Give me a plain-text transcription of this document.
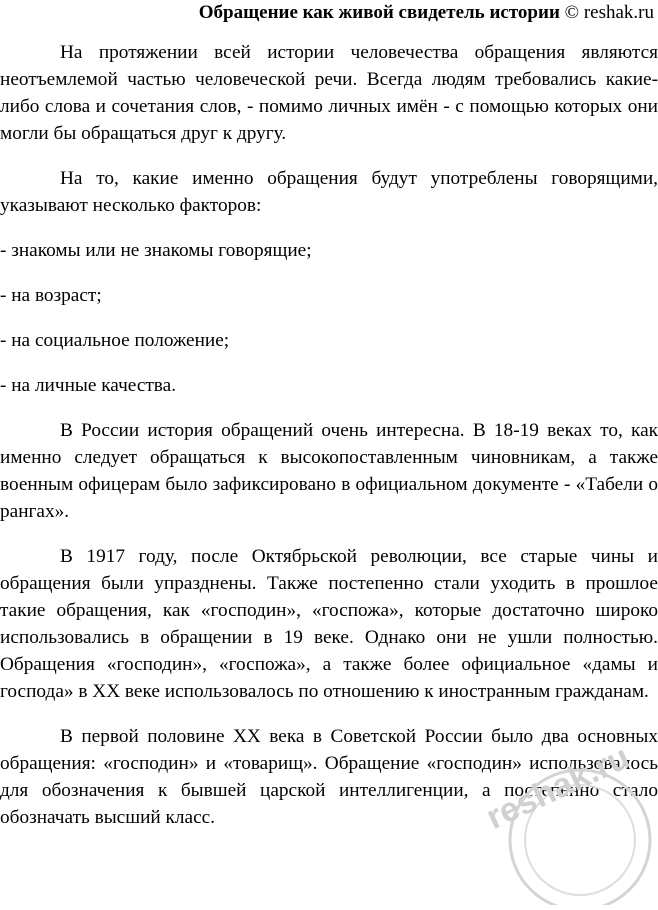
Обращение как живой свидетель истории © reshak.ru

На протяжении всей истории человечества обращения являются неотъемлемой частью человеческой речи. Всегда людям требовались какие-либо слова и сочетания слов, - помимо личных имён - с помощью которых они могли бы обращаться друг к другу.

На то, какие именно обращения будут употреблены говорящими, указывают несколько факторов:

- знакомы или не знакомы говорящие;

- на возраст;

- на социальное положение;

- на личные качества.

В России история обращений очень интересна. В 18-19 веках то, как именно следует обращаться к высокопоставленным чиновникам, а также военным офицерам было зафиксировано в официальном документе - «Табели о рангах».

В 1917 году, после Октябрьской революции, все старые чины и обращения были упразднены. Также постепенно стали уходить в прошлое такие обращения, как «господин», «госпожа», которые достаточно широко использовались в обращении в 19 веке. Однако они не ушли полностью. Обращения «господин», «госпожа», а также более официальное «дамы и господа» в XX веке использовалось по отношению к иностранным гражданам.

В первой половине XX века в Советской России было два основных обращения: «господин» и «товарищ». Обращение «господин» использовалось для обозначения к бывшей царской интеллигенции, а постепенно стало обозначать высший класс.	reshak.ru
